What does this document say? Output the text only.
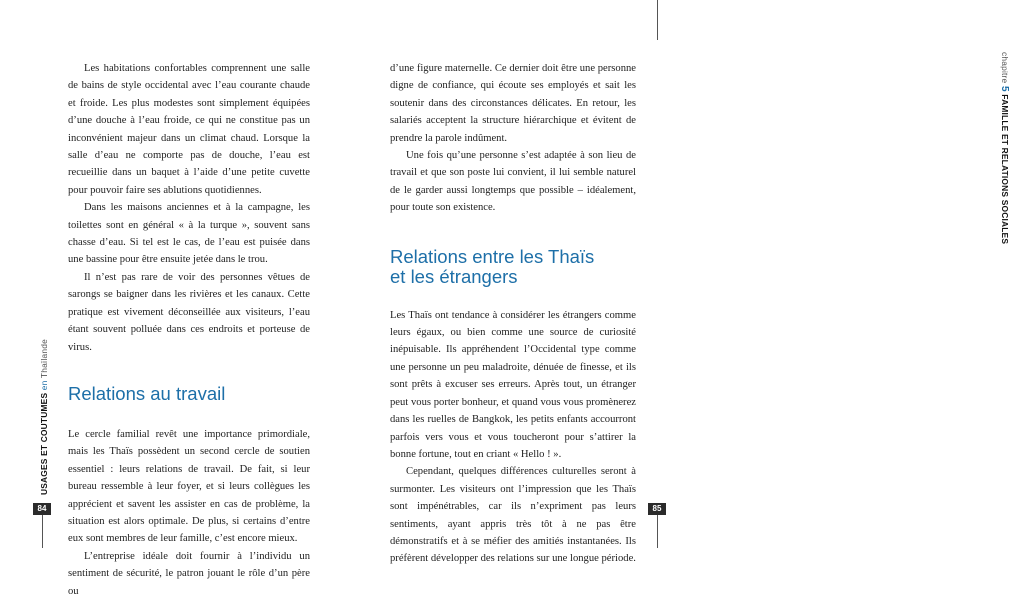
Les habitations confortables comprennent une salle de bains de style occidental avec l’eau courante chaude et froide. Les plus modestes sont simplement équipées d’une douche à l’eau froide, ce qui ne constitue pas un inconvénient majeur dans un climat chaud. Lorsque la salle d’eau ne comporte pas de douche, l’eau est recueillie dans un baquet à l’aide d’une petite cuvette pour pouvoir faire ses ablutions quotidiennes.

Dans les maisons anciennes et à la campagne, les toilettes sont en général « à la turque », souvent sans chasse d’eau. Si tel est le cas, de l’eau est puisée dans une bassine pour être ensuite jetée dans le trou.

Il n’est pas rare de voir des personnes vêtues de sarongs se baigner dans les rivières et les canaux. Cette pratique est vivement déconseillée aux visiteurs, l’eau étant souvent polluée dans ces endroits et porteuse de virus.

Relations au travail

Le cercle familial revêt une importance primordiale, mais les Thaïs possèdent un second cercle de soutien essentiel : leurs relations de travail. De fait, si leur bureau ressemble à leur foyer, et si leurs collègues les apprécient et savent les assister en cas de problème, la situation est alors optimale. De plus, si certains d’entre eux sont membres de leur famille, c’est encore mieux.

L’entreprise idéale doit fournir à l’individu un sentiment de sécurité, le patron jouant le rôle d’un père ou

USAGES ET COUTUMES en Thaïlande
84

d’une figure maternelle. Ce dernier doit être une personne digne de confiance, qui écoute ses employés et sait les soutenir dans des circonstances délicates. En retour, les salariés acceptent la structure hiérarchique et évitent de prendre la parole indûment.

Une fois qu’une personne s’est adaptée à son lieu de travail et que son poste lui convient, il lui semble naturel de le garder aussi longtemps que possible – idéalement, pour toute son existence.

Relations entre les Thaïs
et les étrangers

Les Thaïs ont tendance à considérer les étrangers comme leurs égaux, ou bien comme une source de curiosité inépuisable. Ils appréhendent l’Occidental type comme une personne un peu maladroite, dénuée de finesse, et ils sont prêts à excuser ses erreurs. Après tout, un étranger peut vous porter bonheur, et quand vous vous promènerez dans les ruelles de Bangkok, les petits enfants accourront parfois vers vous et vous toucheront pour s’attirer la bonne fortune, tout en criant « Hello ! ».

Cependant, quelques différences culturelles seront à surmonter. Les visiteurs ont l’impression que les Thaïs sont impénétrables, car ils n’expriment pas leurs sentiments, ayant appris très tôt à ne pas être démonstratifs et à se méfier des amitiés instantanées. Ils préfèrent développer des relations sur une longue période.

chapitre 5 FAMILLE ET RELATIONS SOCIALES
85
